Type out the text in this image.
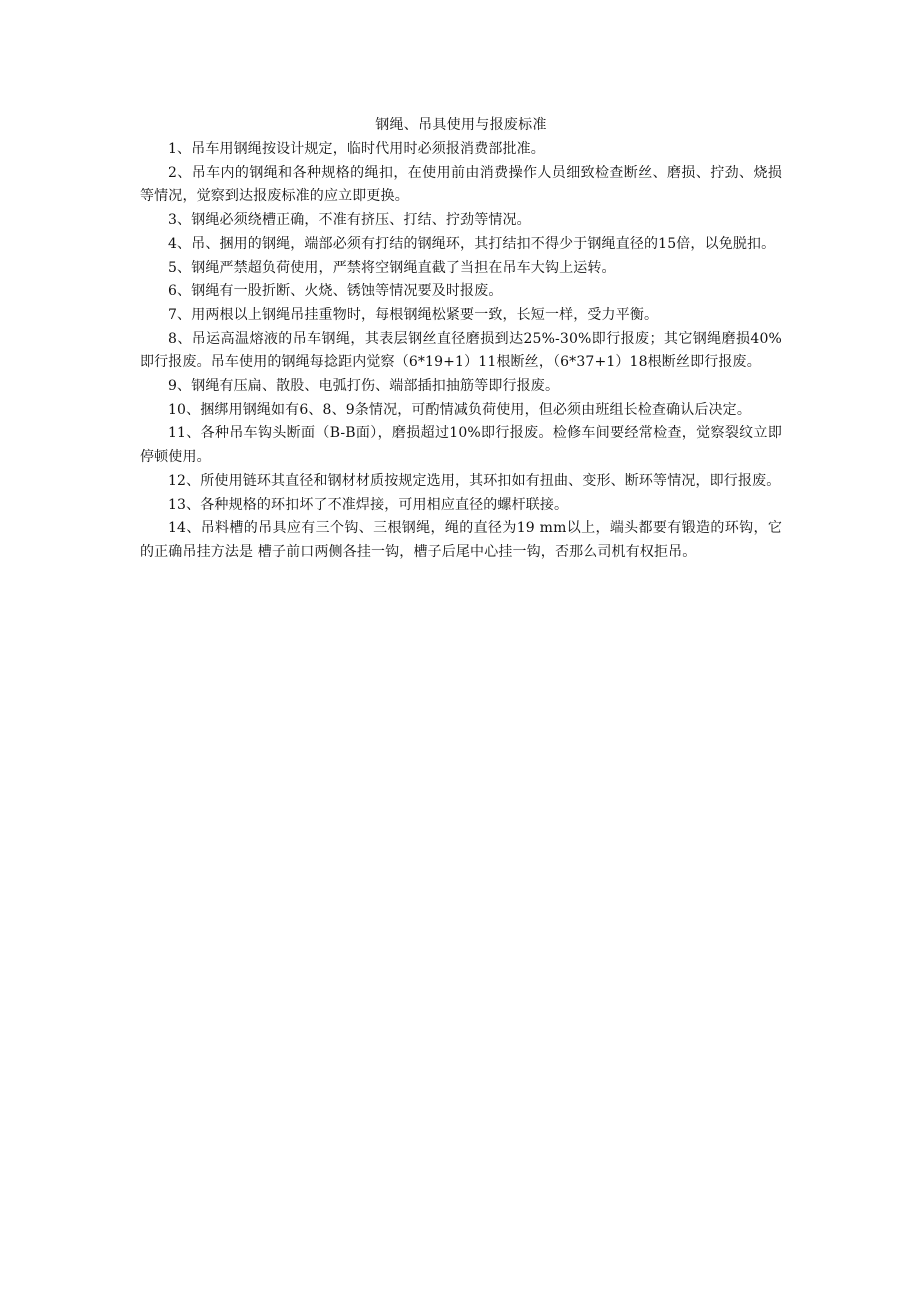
钢绳、吊具使用与报废标准

1、吊车用钢绳按设计规定，临时代用时必须报消费部批准。

2、吊车内的钢绳和各种规格的绳扣，在使用前由消费操作人员细致检查断丝、磨损、拧劲、烧损等情况，觉察到达报废标准的应立即更换。

3、钢绳必须绕槽正确，不准有挤压、打结、拧劲等情况。

4、吊、捆用的钢绳，端部必须有打结的钢绳环，其打结扣不得少于钢绳直径的15倍，以免脱扣。

5、钢绳严禁超负荷使用，严禁将空钢绳直截了当担在吊车大钩上运转。

6、钢绳有一股折断、火烧、锈蚀等情况要及时报废。

7、用两根以上钢绳吊挂重物时，每根钢绳松紧要一致，长短一样，受力平衡。

8、吊运高温熔液的吊车钢绳，其表层钢丝直径磨损到达25%-30%即行报废；其它钢绳磨损40%即行报废。吊车使用的钢绳每捻距内觉察（6*19+1）11根断丝，（6*37+1）18根断丝即行报废。

9、钢绳有压扁、散股、电弧打伤、端部插扣抽筋等即行报废。

10、捆绑用钢绳如有6、8、9条情况，可酌情减负荷使用，但必须由班组长检查确认后决定。

11、各种吊车钩头断面（B-B面），磨损超过10%即行报废。检修车间要经常检查，觉察裂纹立即停顿使用。

12、所使用链环其直径和钢材材质按规定选用，其环扣如有扭曲、变形、断环等情况，即行报废。

13、各种规格的环扣坏了不准焊接，可用相应直径的螺杆联接。

14、吊料槽的吊具应有三个钩、三根钢绳，绳的直径为19 mm以上，端头都要有锻造的环钩，它的正确吊挂方法是 槽子前口两侧各挂一钩，槽子后尾中心挂一钩，否那么司机有权拒吊。
